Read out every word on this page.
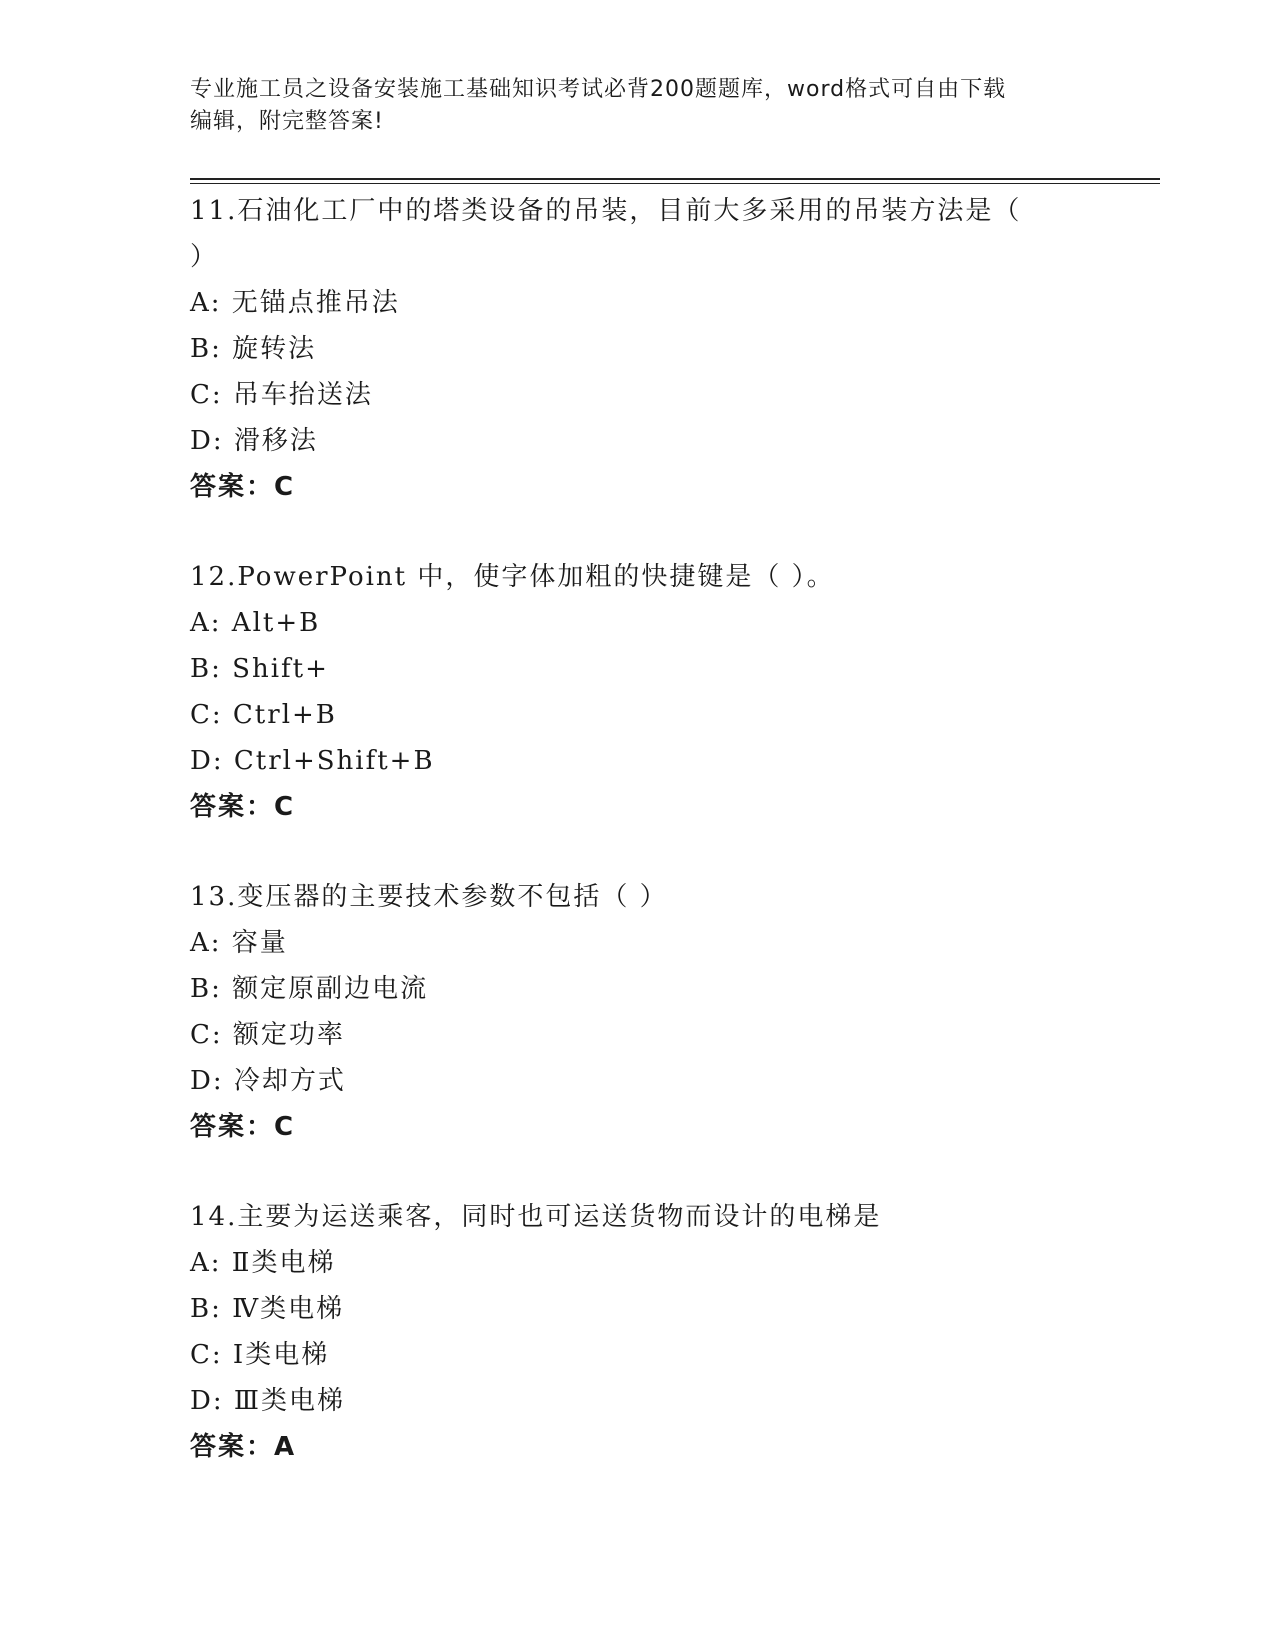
专业施工员之设备安装施工基础知识考试必背200题题库，word格式可自由下载
编辑，附完整答案!
11.石油化工厂中的塔类设备的吊装，目前大多采用的吊装方法是（
）
A: 无锚点推吊法
B: 旋转法
C: 吊车抬送法
D: 滑移法
答案：C
12.PowerPoint 中，使字体加粗的快捷键是（ ）。
A: Alt+B
B: Shift+
C: Ctrl+B
D: Ctrl+Shift+B
答案：C
13.变压器的主要技术参数不包括（ ）
A: 容量
B: 额定原副边电流
C: 额定功率
D: 冷却方式
答案：C
14.主要为运送乘客，同时也可运送货物而设计的电梯是
A: Ⅱ类电梯
B: Ⅳ类电梯
C: Ⅰ类电梯
D: Ⅲ类电梯
答案：A
